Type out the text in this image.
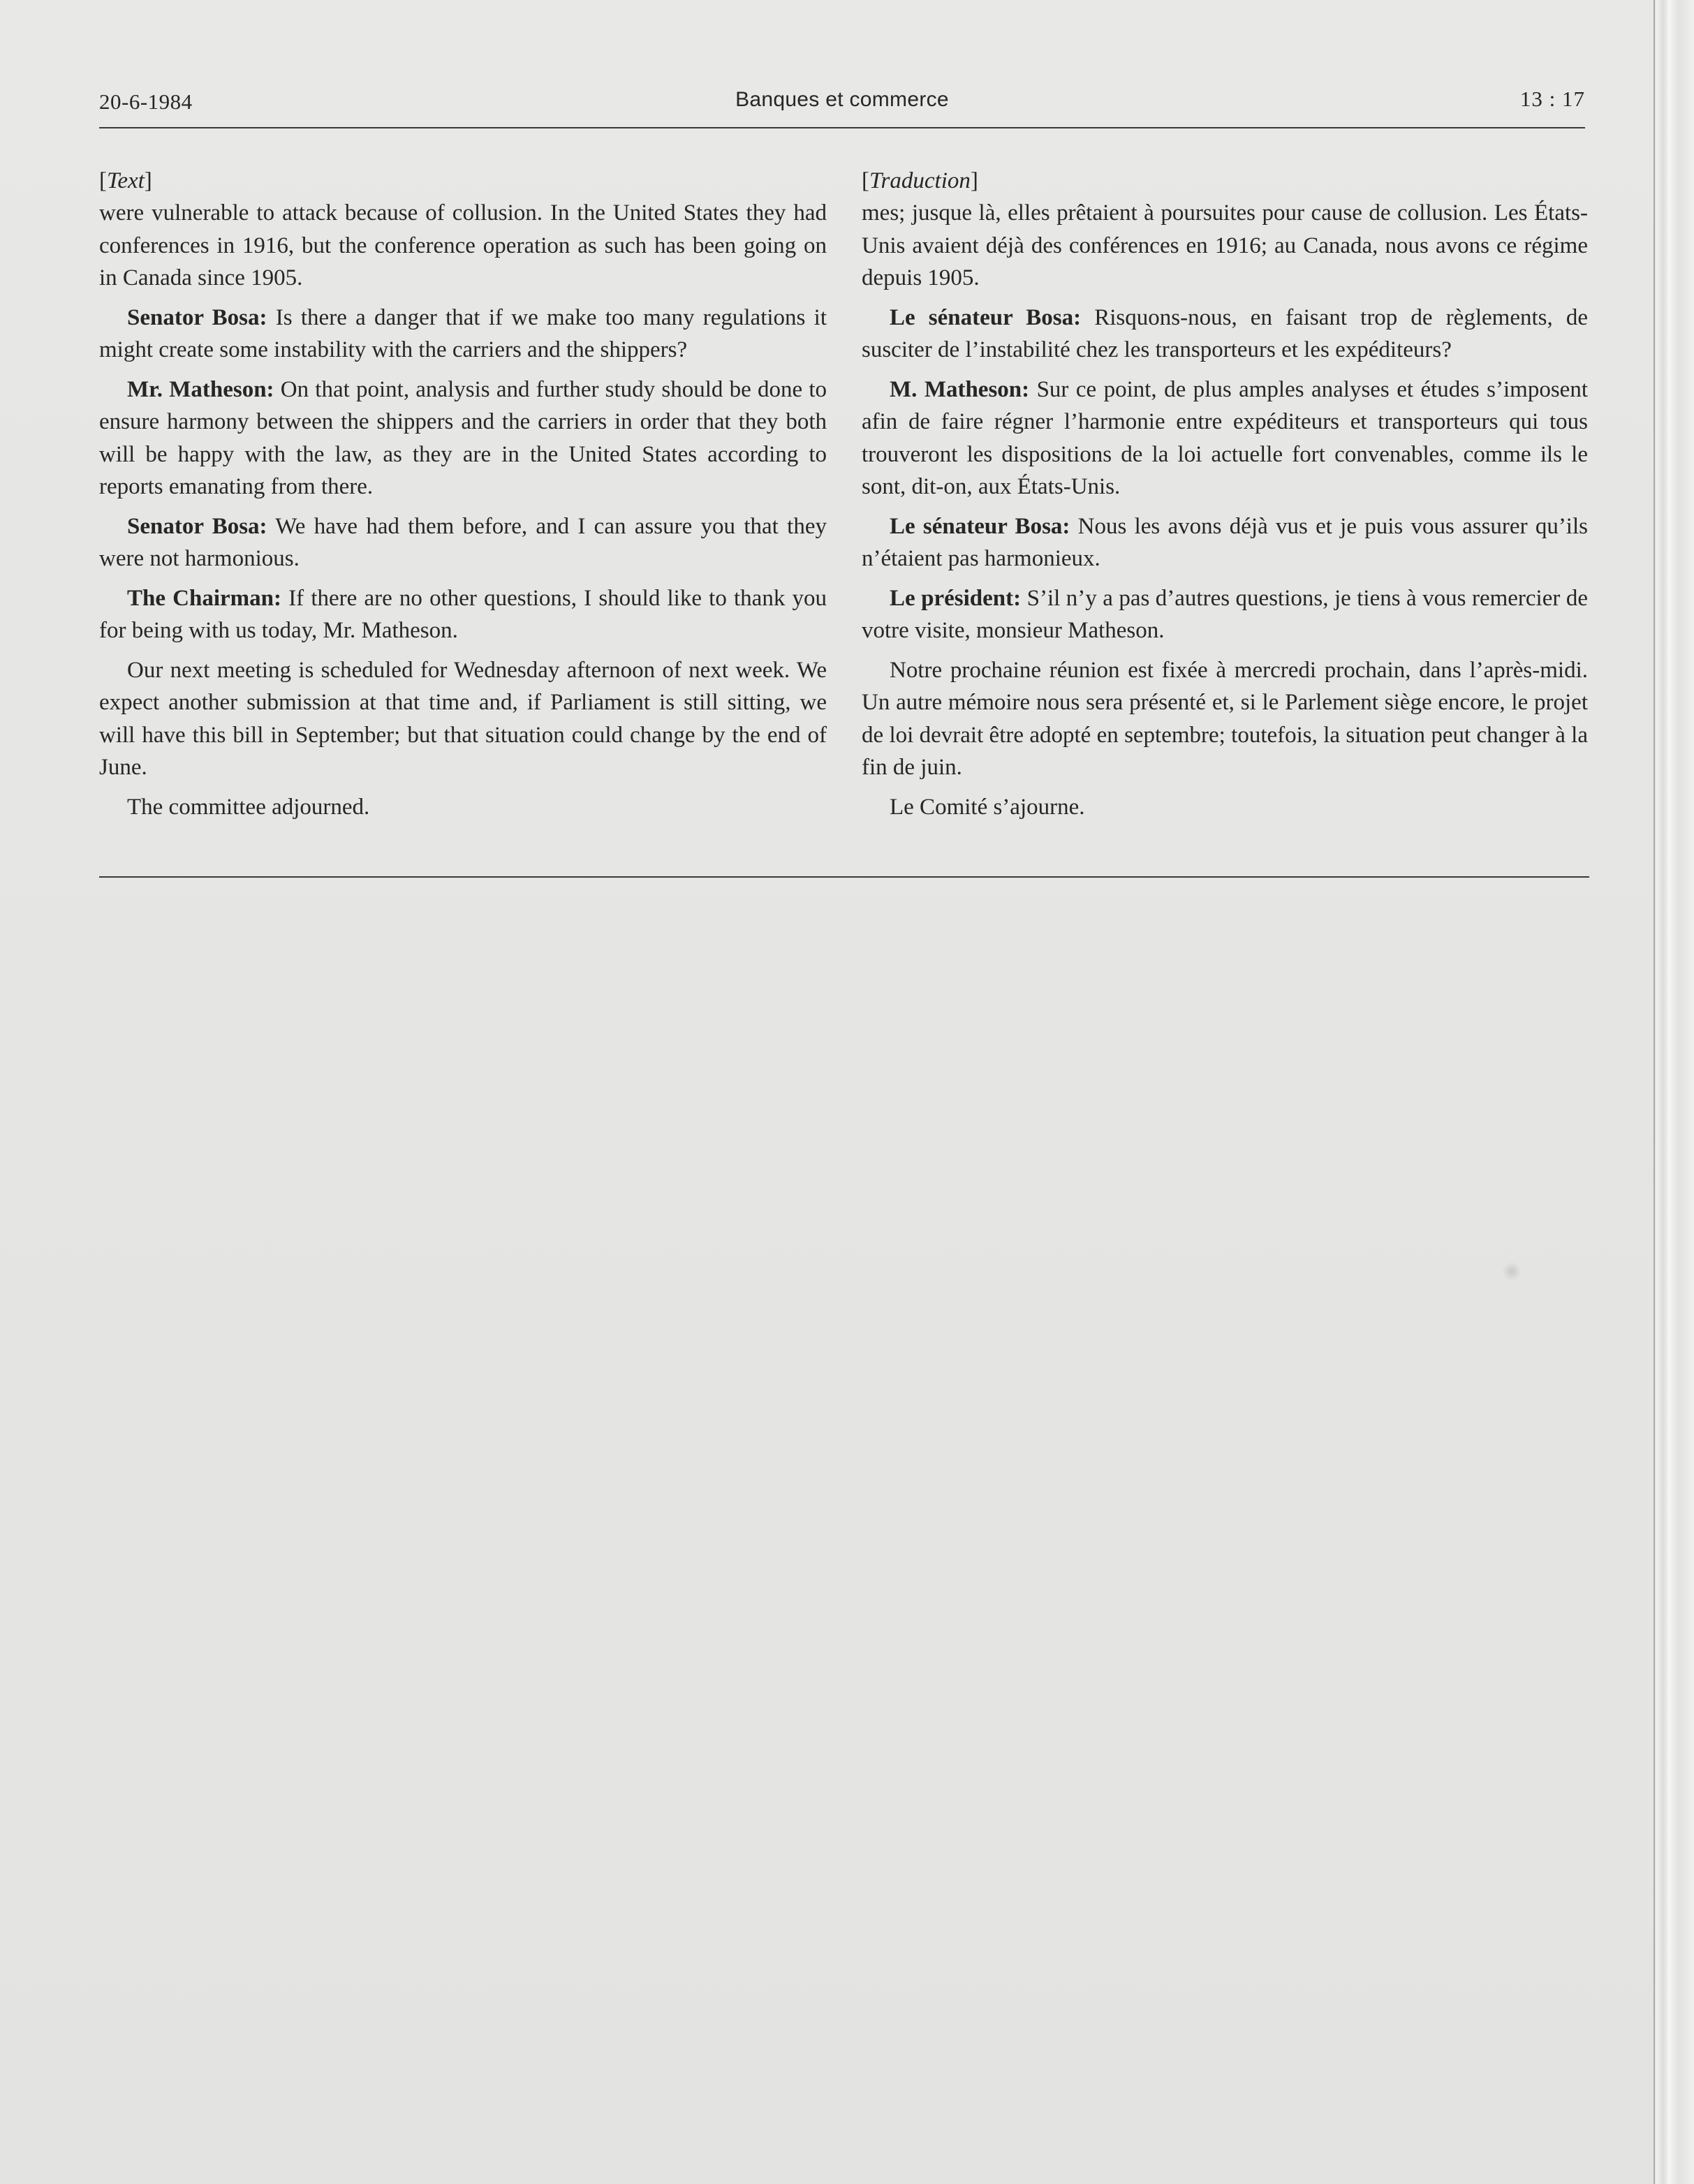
20-6-1984	Banques et commerce	13 : 17

[Text]

were vulnerable to attack because of collusion. In the United States they had conferences in 1916, but the conference operation as such has been going on in Canada since 1905.

Senator Bosa: Is there a danger that if we make too many regulations it might create some instability with the carriers and the shippers?

Mr. Matheson: On that point, analysis and further study should be done to ensure harmony between the shippers and the carriers in order that they both will be happy with the law, as they are in the United States according to reports emanating from there.

Senator Bosa: We have had them before, and I can assure you that they were not harmonious.

The Chairman: If there are no other questions, I should like to thank you for being with us today, Mr. Matheson.

Our next meeting is scheduled for Wednesday afternoon of next week. We expect another submission at that time and, if Parliament is still sitting, we will have this bill in September; but that situation could change by the end of June.

The committee adjourned.

[Traduction]

mes; jusque là, elles prêtaient à poursuites pour cause de collusion. Les États-Unis avaient déjà des conférences en 1916; au Canada, nous avons ce régime depuis 1905.

Le sénateur Bosa: Risquons-nous, en faisant trop de règlements, de susciter de l’instabilité chez les transporteurs et les expéditeurs?

M. Matheson: Sur ce point, de plus amples analyses et études s’imposent afin de faire régner l’harmonie entre expéditeurs et transporteurs qui tous trouveront les dispositions de la loi actuelle fort convenables, comme ils le sont, dit-on, aux États-Unis.

Le sénateur Bosa: Nous les avons déjà vus et je puis vous assurer qu’ils n’étaient pas harmonieux.

Le président: S’il n’y a pas d’autres questions, je tiens à vous remercier de votre visite, monsieur Matheson.

Notre prochaine réunion est fixée à mercredi prochain, dans l’après-midi. Un autre mémoire nous sera présenté et, si le Parlement siège encore, le projet de loi devrait être adopté en septembre; toutefois, la situation peut changer à la fin de juin.

Le Comité s’ajourne.
